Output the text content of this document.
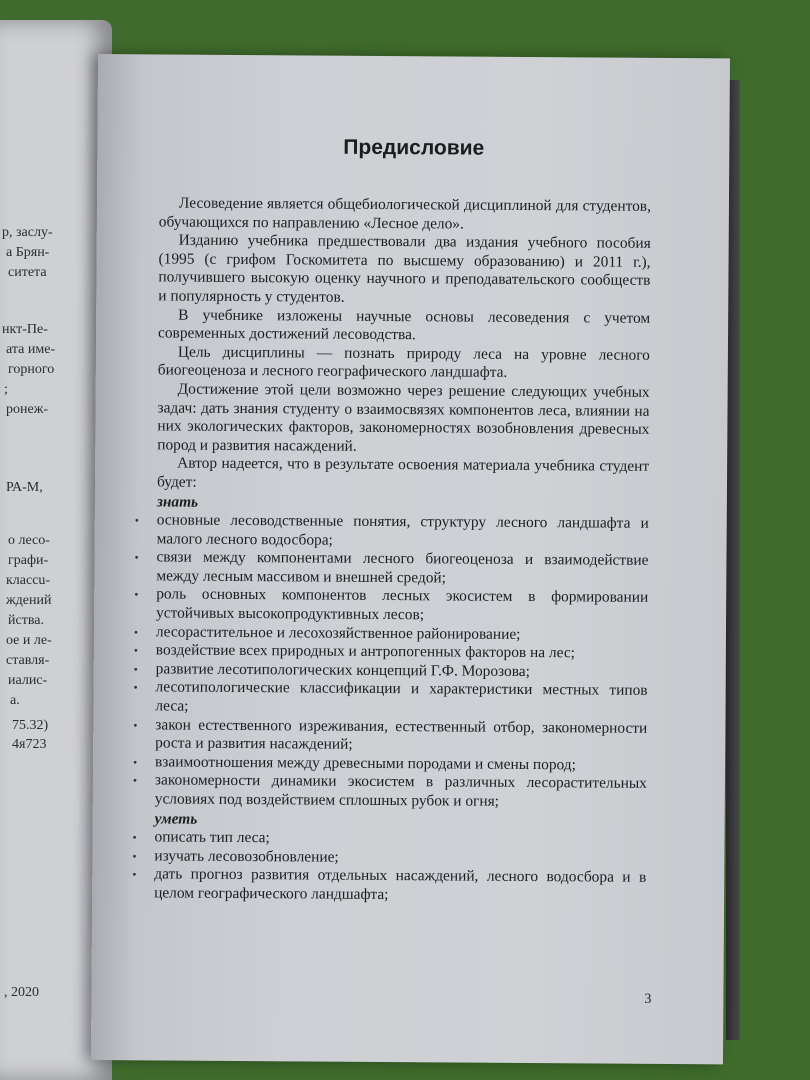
р, заслу-
а Брян-
ситета
нкт-Пе-
ата име-
горного
;
ронеж-
РА-М,
о лесо-
графи-
классu-
ждений
йства.
ое и ле-
ставля-
иалис-
а.
75.32)
4я723
, 2020
Предисловие

Лесоведение является общебиологической дисциплиной для студентов, обучающихся по направлению «Лесное дело».

Изданию учебника предшествовали два издания учебного пособия (1995 (с грифом Госкомитета по высшему образованию) и 2011 г.), получившего высокую оценку научного и преподавательского сообществ и популярность у студентов.

В учебнике изложены научные основы лесоведения с учетом современных достижений лесоводства.

Цель дисциплины — познать природу леса на уровне лесного биогеоценоза и лесного географического ландшафта.

Достижение этой цели возможно через решение следующих учебных задач: дать знания студенту о взаимосвязях компонентов леса, влиянии на них экологических факторов, закономерностях возобновления древесных пород и развития насаждений.

Автор надеется, что в результате освоения материала учебника студент будет:

знать
• основные лесоводственные понятия, структуру лесного ландшафта и малого лесного водосбора;
• связи между компонентами лесного биогеоценоза и взаимодействие между лесным массивом и внешней средой;
• роль основных компонентов лесных экосистем в формировании устойчивых высокопродуктивных лесов;
• лесорастительное и лесохозяйственное районирование;
• воздействие всех природных и антропогенных факторов на лес;
• развитие лесотипологических концепций Г.Ф. Морозова;
• лесотипологические классификации и характеристики местных типов леса;
• закон естественного изреживания, естественный отбор, закономерности роста и развития насаждений;
• взаимоотношения между древесными породами и смены пород;
• закономерности динамики экосистем в различных лесорастительных условиях под воздействием сплошных рубок и огня;
уметь
• описать тип леса;
• изучать лесовозобновление;
• дать прогноз развития отдельных насаждений, лесного водосбора и в целом географического ландшафта;
3
